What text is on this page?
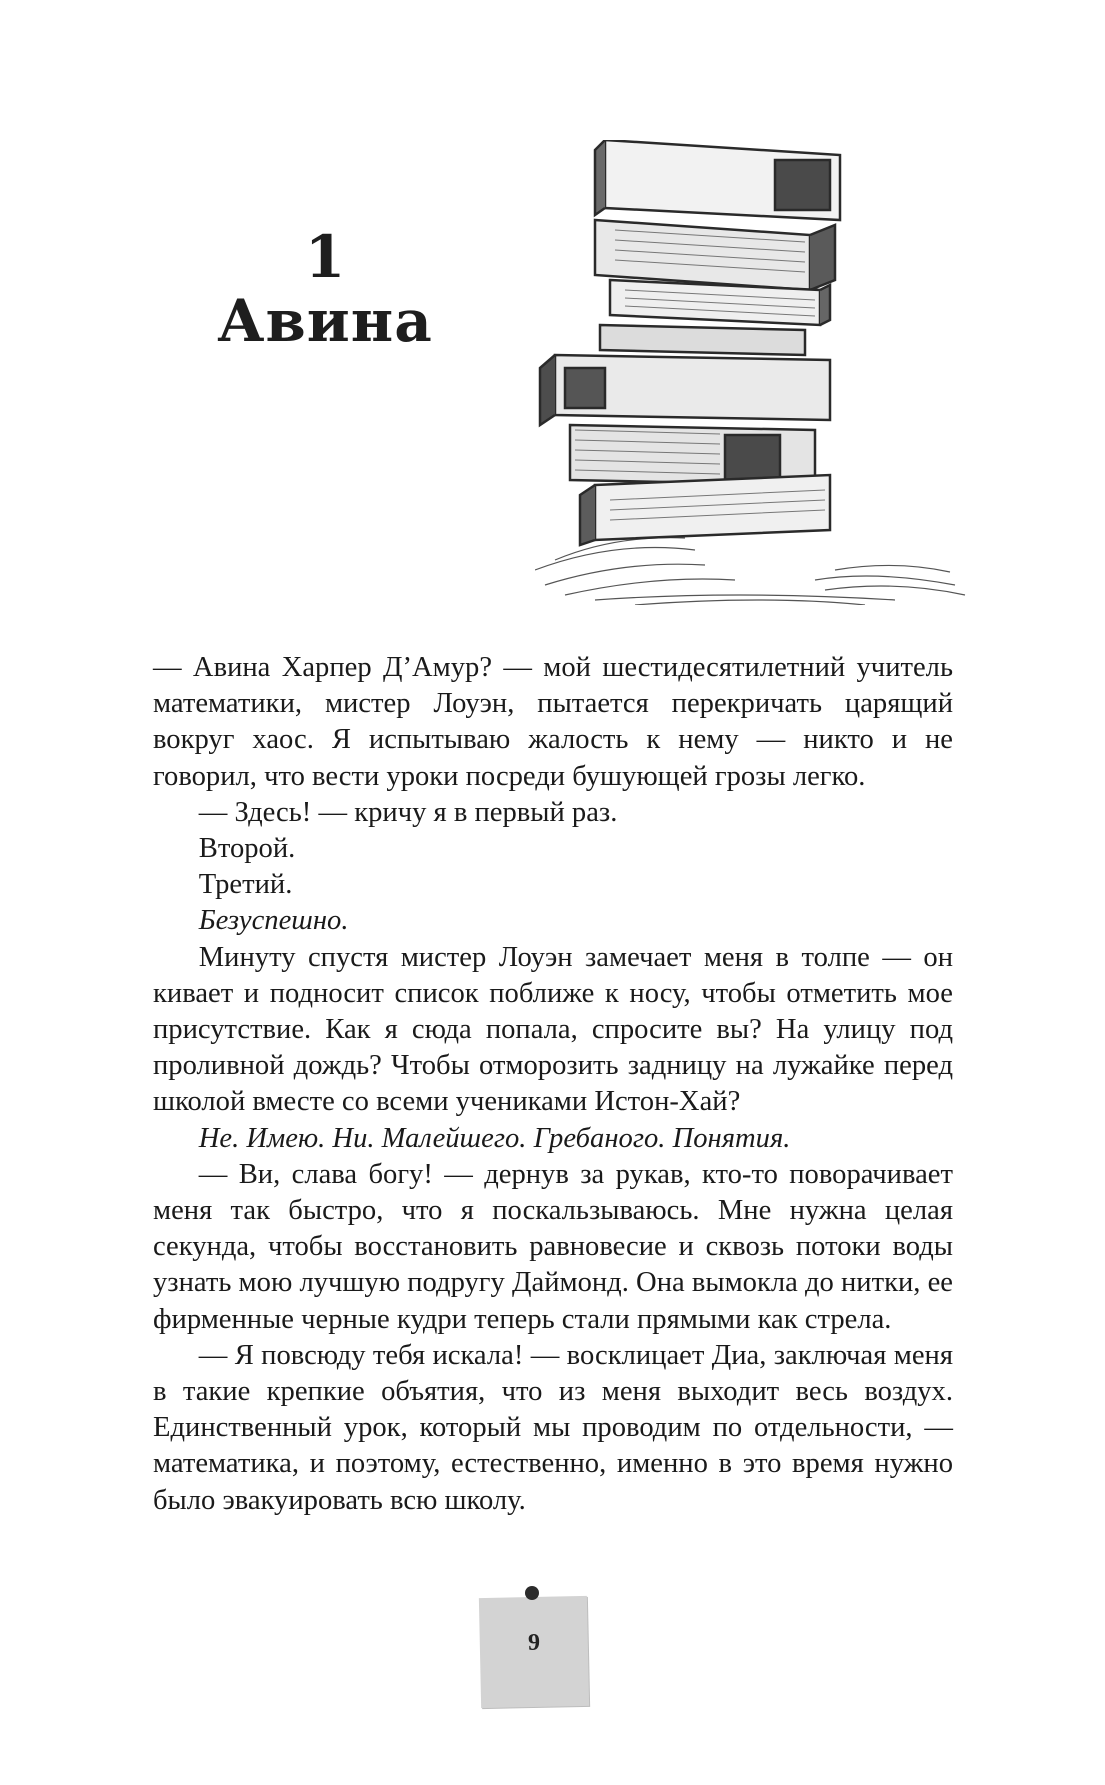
1
Авина

— Авина Харпер Д’Амур? — мой шестидесятилетний учитель математики, мистер Лоуэн, пытается перекричать царящий вокруг хаос. Я испытываю жалость к нему — никто и не говорил, что вести уроки посреди бушующей грозы легко.

— Здесь! — кричу я в первый раз.

Второй.

Третий.

Безуспешно.

Минуту спустя мистер Лоуэн замечает меня в толпе — он кивает и подносит список поближе к носу, чтобы отметить мое присутствие. Как я сюда попала, спросите вы? На улицу под проливной дождь? Чтобы отморозить задницу на лужайке перед школой вместе со всеми учениками Истон-Хай?

Не. Имею. Ни. Малейшего. Гребаного. Понятия.

— Ви, слава богу! — дернув за рукав, кто-то поворачивает меня так быстро, что я поскальзываюсь. Мне нужна целая секунда, чтобы восстановить равновесие и сквозь потоки воды узнать мою лучшую подругу Даймонд. Она вымокла до нитки, ее фирменные черные кудри теперь стали прямыми как стрела.

— Я повсюду тебя искала! — восклицает Диа, заключая меня в такие крепкие объятия, что из меня выходит весь воздух. Единственный урок, который мы проводим по отдельности, — математика, и поэтому, естественно, именно в это время нужно было эвакуировать всю школу.

9
